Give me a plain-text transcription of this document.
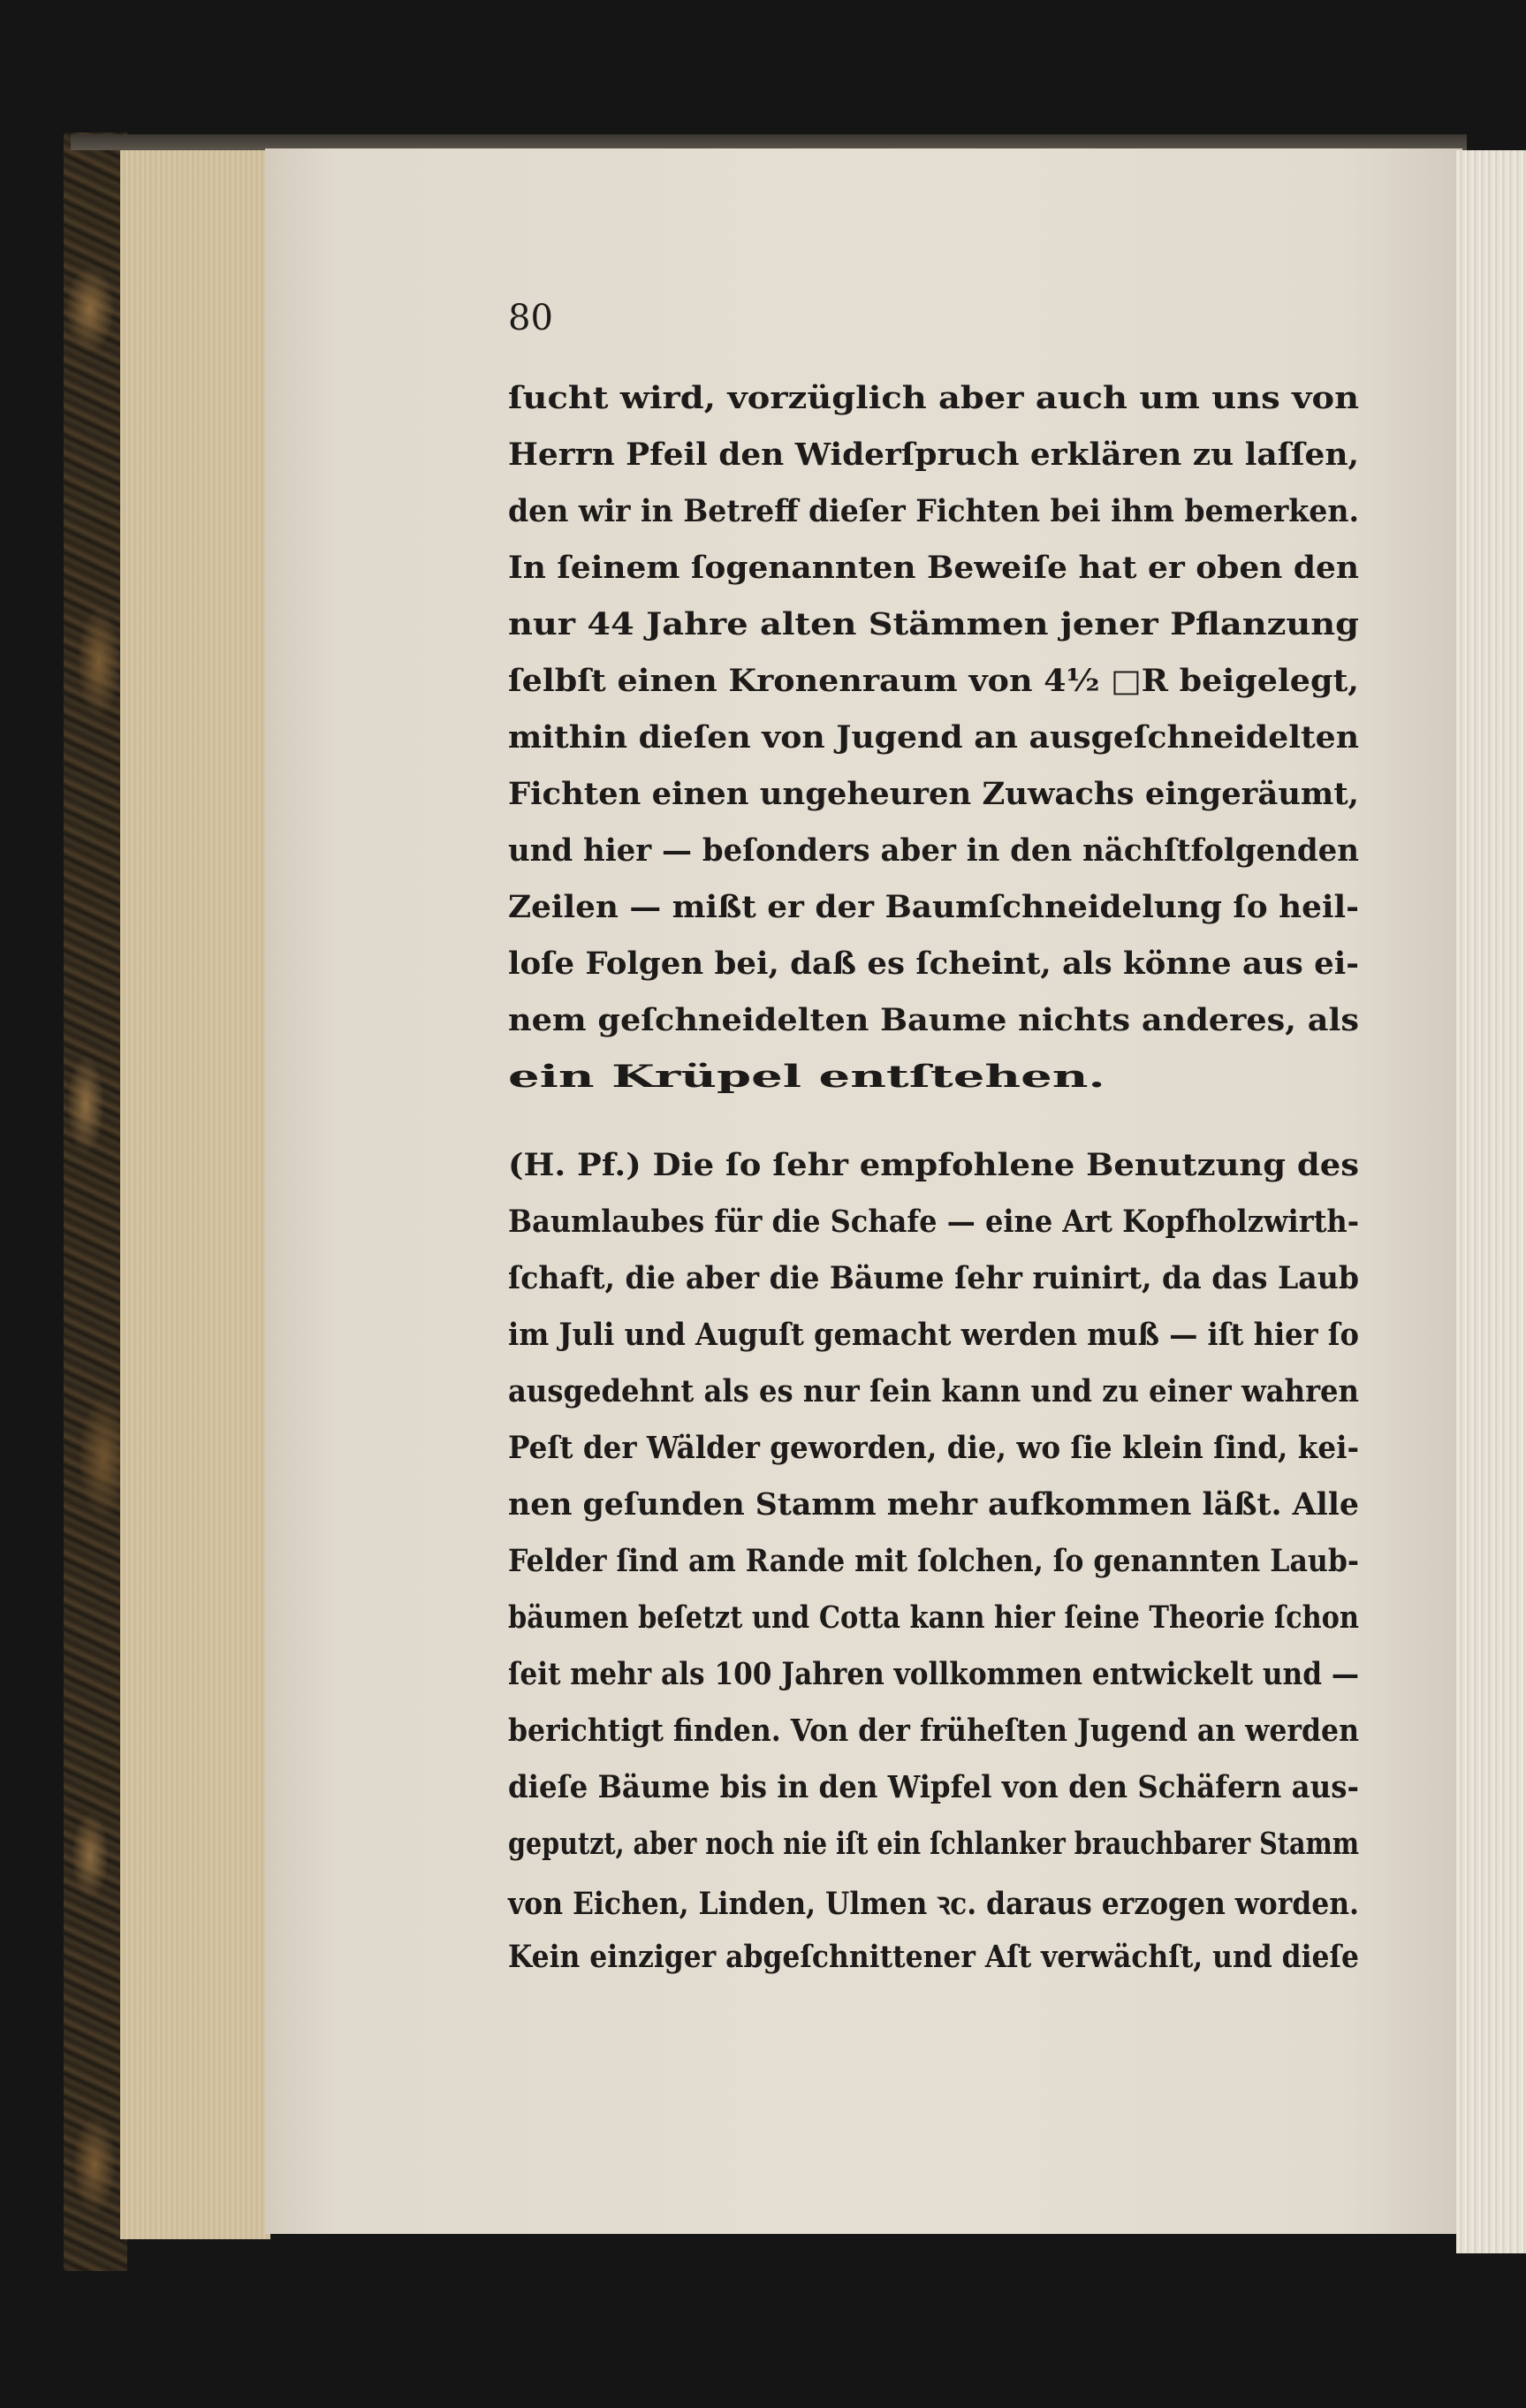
80

ſucht wird, vorzüglich aber auch um uns von

Herrn Pfeil den Widerſpruch erklären zu laſſen,

den wir in Betreff dieſer Fichten bei ihm bemerken.

In ſeinem ſogenannten Beweiſe hat er oben den

nur 44 Jahre alten Stämmen jener Pflanzung

ſelbſt einen Kronenraum von 4½ □R beigelegt,

mithin dieſen von Jugend an ausgeſchneidelten

Fichten einen ungeheuren Zuwachs eingeräumt,

und hier — beſonders aber in den nächſtfolgenden

Zeilen — mißt er der Baumſchneidelung ſo heil-

loſe Folgen bei, daß es ſcheint, als könne aus ei-

nem geſchneidelten Baume nichts anderes, als

ein Krüpel entſtehen.

(H. Pf.) Die ſo ſehr empfohlene Benutzung des

Baumlaubes für die Schafe — eine Art Kopfholzwirth-

ſchaft, die aber die Bäume ſehr ruinirt, da das Laub

im Juli und Auguſt gemacht werden muß — iſt hier ſo

ausgedehnt als es nur ſein kann und zu einer wahren

Peſt der Wälder geworden, die, wo ſie klein ſind, kei-

nen geſunden Stamm mehr aufkommen läßt. Alle

Felder ſind am Rande mit ſolchen, ſo genannten Laub-

bäumen beſetzt und Cotta kann hier ſeine Theorie ſchon

ſeit mehr als 100 Jahren vollkommen entwickelt und —

berichtigt finden. Von der früheſten Jugend an werden

dieſe Bäume bis in den Wipfel von den Schäfern aus-

geputzt, aber noch nie iſt ein ſchlanker brauchbarer Stamm

von Eichen, Linden, Ulmen ꝛc. daraus erzogen worden.

Kein einziger abgeſchnittener Aſt verwächſt, und dieſe
